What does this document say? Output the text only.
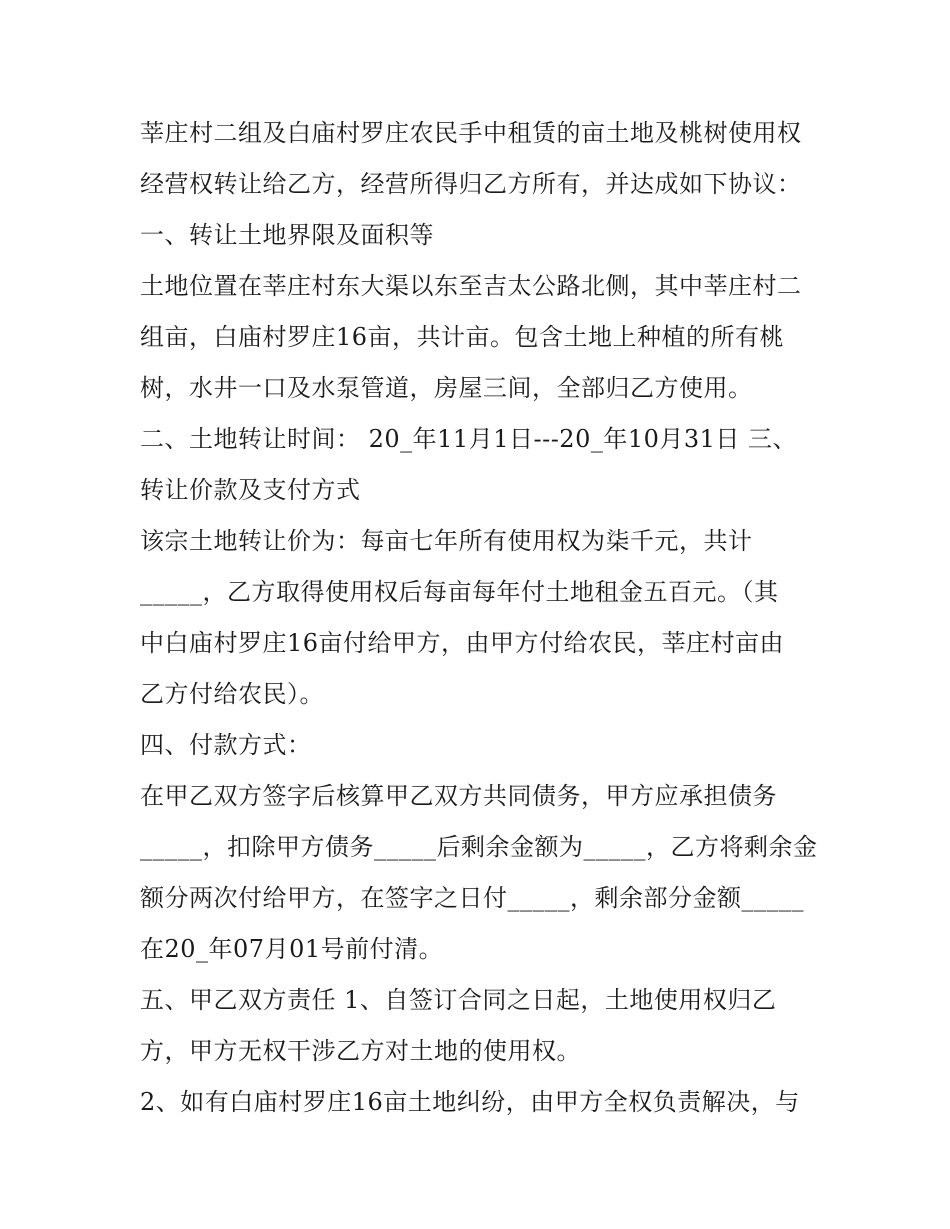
莘庄村二组及白庙村罗庄农民手中租赁的亩土地及桃树使用权
经营权转让给乙方，经营所得归乙方所有，并达成如下协议：
一、转让土地界限及面积等
土地位置在莘庄村东大渠以东至吉太公路北侧，其中莘庄村二
组亩，白庙村罗庄16亩，共计亩。包含土地上种植的所有桃
树，水井一口及水泵管道，房屋三间，全部归乙方使用。
二、土地转让时间： 20_年11月1日---20_年10月31日 三、
转让价款及支付方式
该宗土地转让价为：每亩七年所有使用权为柒千元，共计
_____，乙方取得使用权后每亩每年付土地租金五百元。（其
中白庙村罗庄16亩付给甲方，由甲方付给农民，莘庄村亩由
乙方付给农民）。
四、付款方式：
在甲乙双方签字后核算甲乙双方共同债务，甲方应承担债务
_____，扣除甲方债务_____后剩余金额为_____，乙方将剩余金
额分两次付给甲方，在签字之日付_____，剩余部分金额_____
在20_年07月01号前付清。
五、甲乙双方责任 1、自签订合同之日起，土地使用权归乙
方，甲方无权干涉乙方对土地的使用权。
2、如有白庙村罗庄16亩土地纠纷，由甲方全权负责解决，与
